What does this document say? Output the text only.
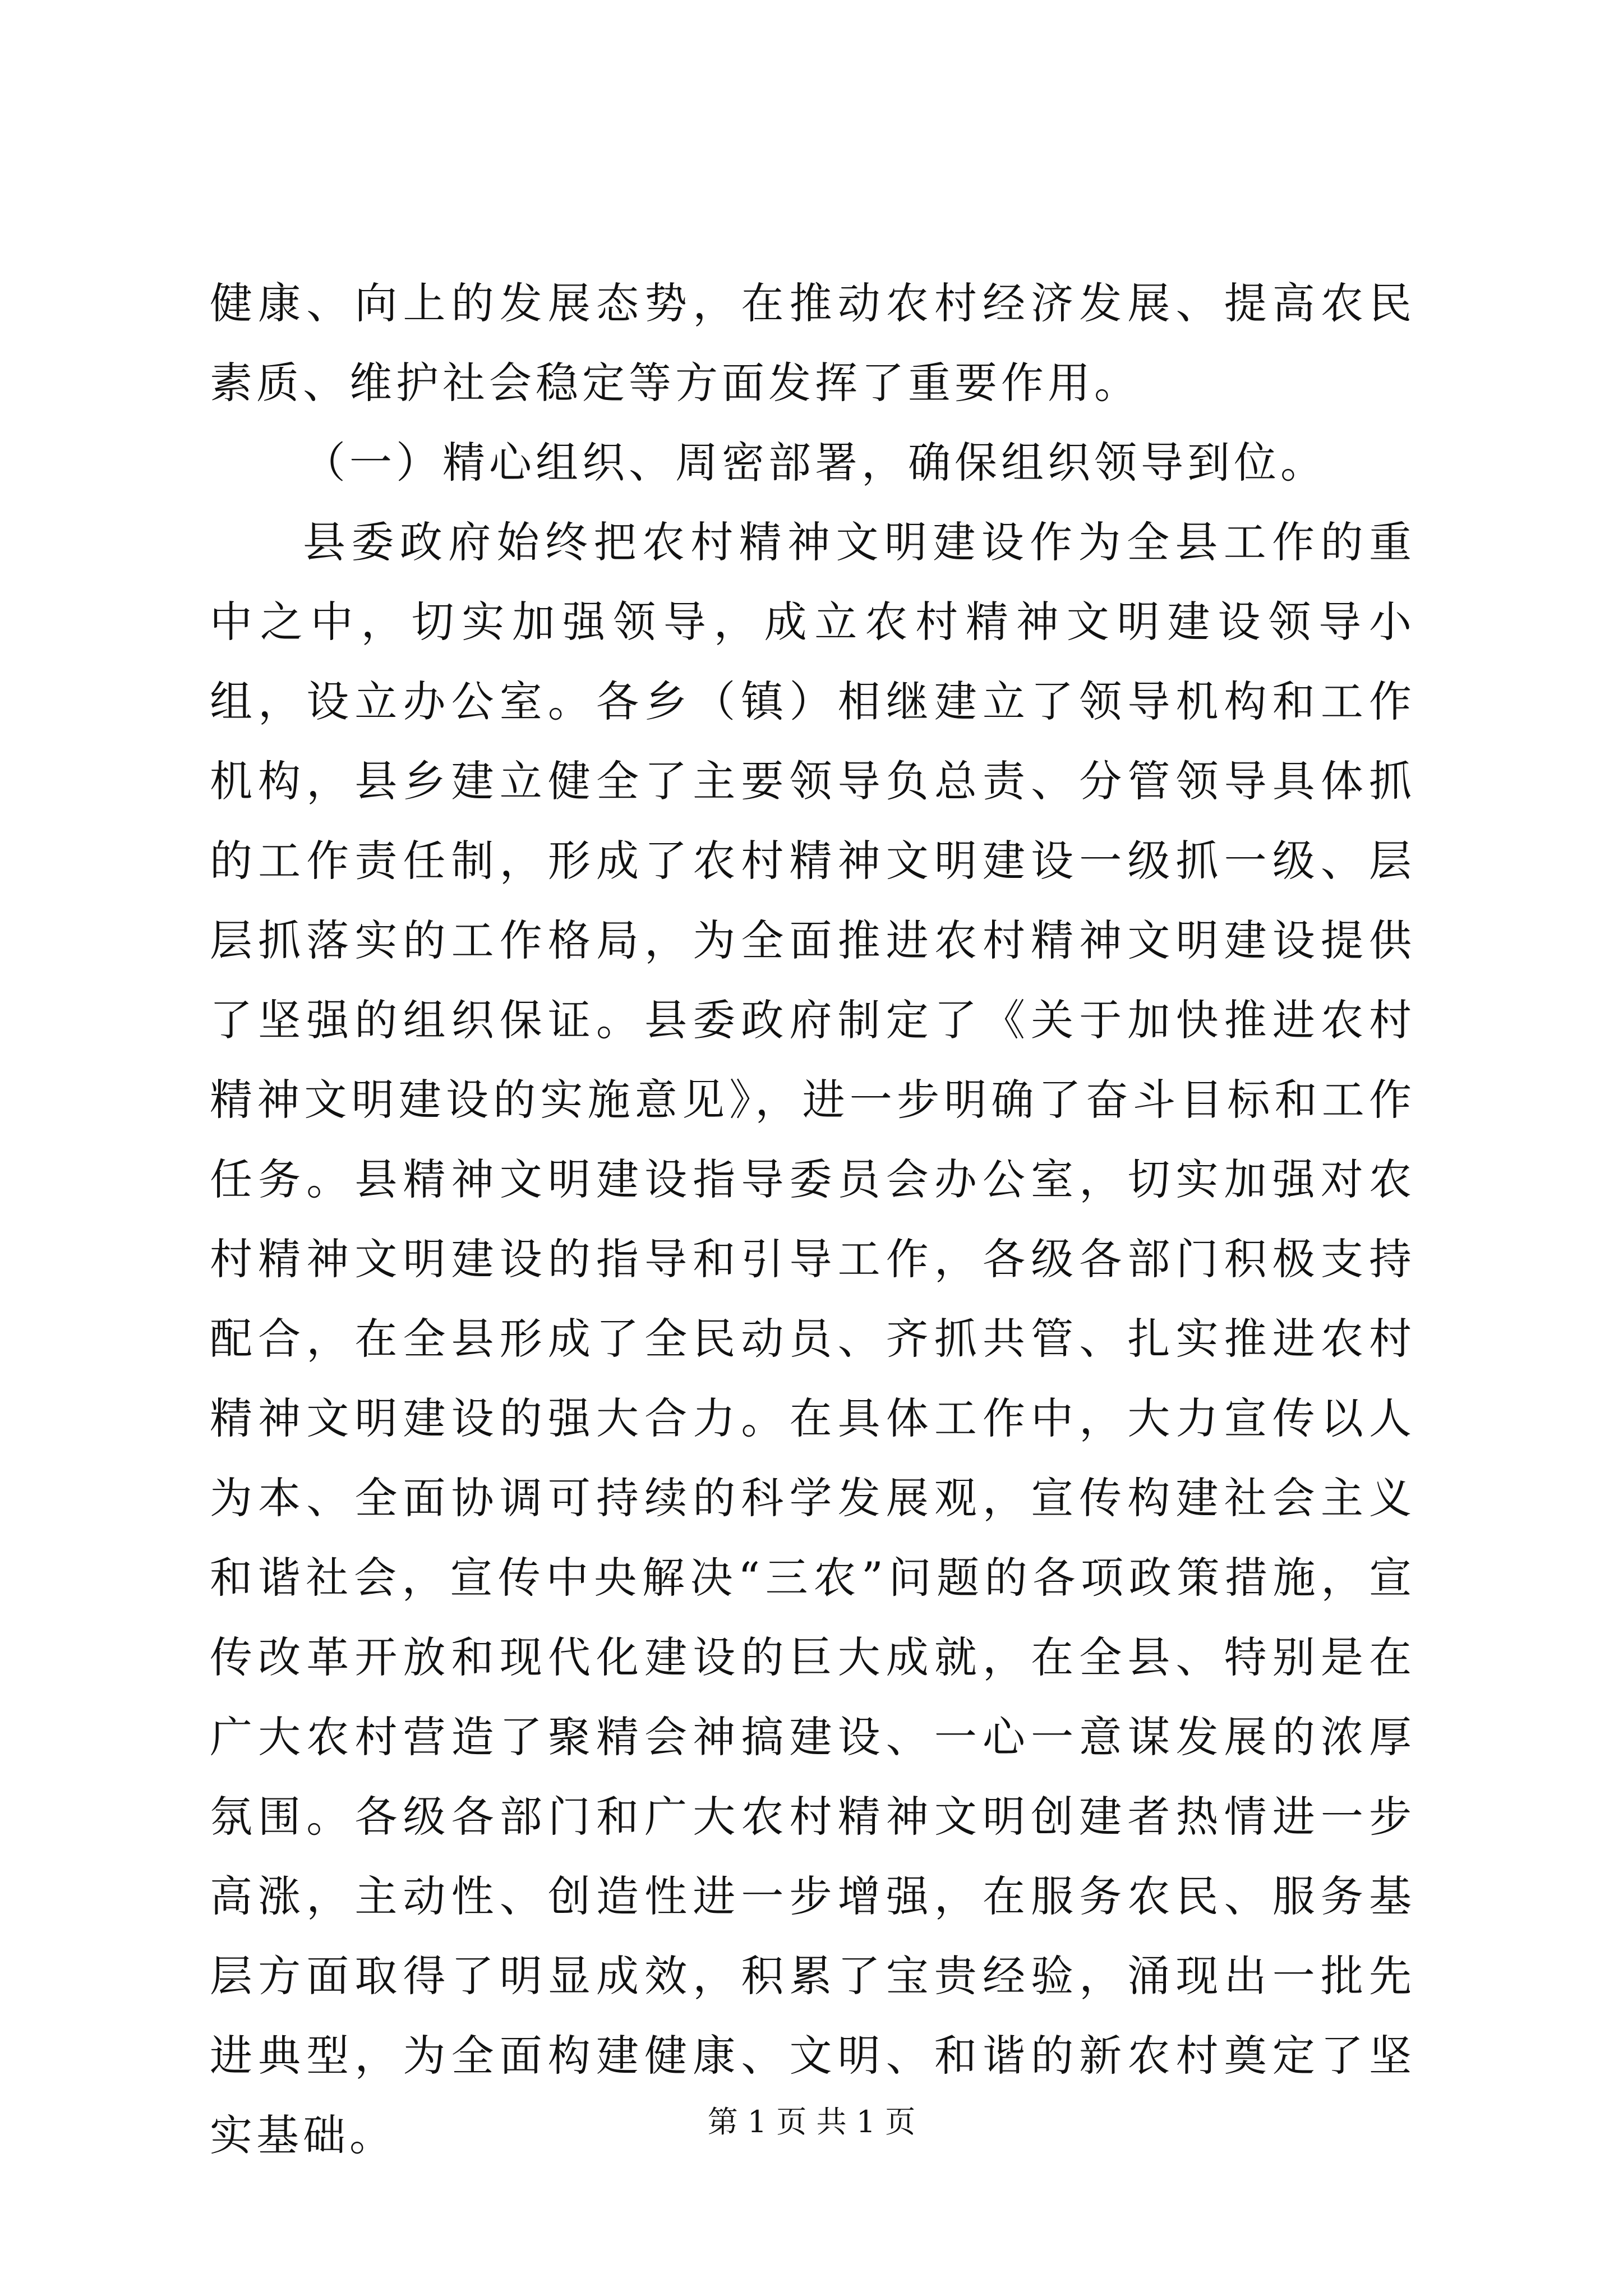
健康、向上的发展态势，在推动农村经济发展、提高农民素质、维护社会稳定等方面发挥了重要作用。

（一）精心组织、周密部署，确保组织领导到位。

县委政府始终把农村精神文明建设作为全县工作的重中之中，切实加强领导，成立农村精神文明建设领导小组，设立办公室。各乡（镇）相继建立了领导机构和工作机构，县乡建立健全了主要领导负总责、分管领导具体抓的工作责任制，形成了农村精神文明建设一级抓一级、层层抓落实的工作格局，为全面推进农村精神文明建设提供了坚强的组织保证。县委政府制定了《关于加快推进农村精神文明建设的实施意见》，进一步明确了奋斗目标和工作任务。县精神文明建设指导委员会办公室，切实加强对农村精神文明建设的指导和引导工作，各级各部门积极支持配合，在全县形成了全民动员、齐抓共管、扎实推进农村精神文明建设的强大合力。在具体工作中，大力宣传以人为本、全面协调可持续的科学发展观，宣传构建社会主义和谐社会，宣传中央解决“三农”问题的各项政策措施，宣传改革开放和现代化建设的巨大成就，在全县、特别是在广大农村营造了聚精会神搞建设、一心一意谋发展的浓厚氛围。各级各部门和广大农村精神文明创建者热情进一步高涨，主动性、创造性进一步增强，在服务农民、服务基层方面取得了明显成效，积累了宝贵经验，涌现出一批先进典型，为全面构建健康、文明、和谐的新农村奠定了坚实基础。	第 1 页 共 1 页
